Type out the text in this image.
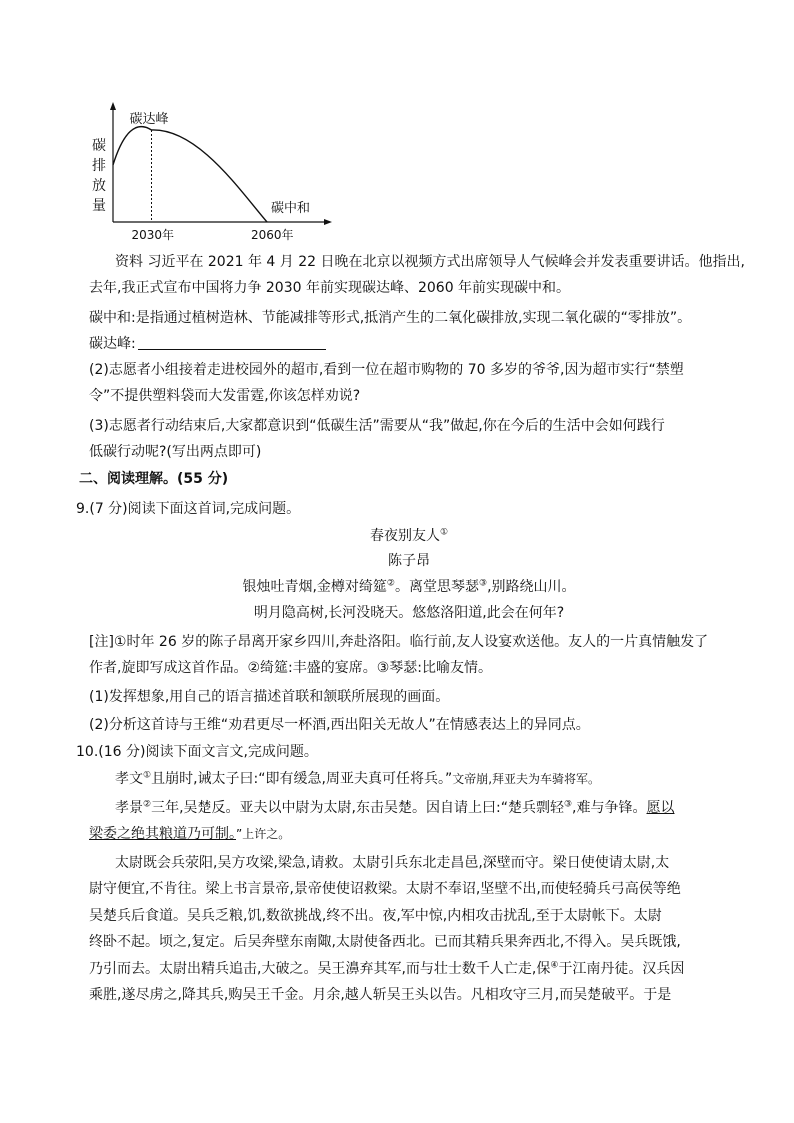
碳达峰
碳中和
碳
排
放
量
2030年	2060年
资料 习近平在 2021 年 4 月 22 日晚在北京以视频方式出席领导人气候峰会并发表重要讲话。他指出,
去年,我正式宣布中国将力争 2030 年前实现碳达峰、2060 年前实现碳中和。
碳中和:是指通过植树造林、节能减排等形式,抵消产生的二氧化碳排放,实现二氧化碳的“零排放”。
碳达峰:
(2)志愿者小组接着走进校园外的超市,看到一位在超市购物的 70 多岁的爷爷,因为超市实行“禁塑
令”不提供塑料袋而大发雷霆,你该怎样劝说?
(3)志愿者行动结束后,大家都意识到“低碳生活”需要从“我”做起,你在今后的生活中会如何践行
低碳行动呢?(写出两点即可)
二、阅读理解。(55 分)
9.(7 分)阅读下面这首词,完成问题。
春夜别友人①
陈子昂
银烛吐青烟,金樽对绮筵②。离堂思琴瑟③,别路绕山川。
明月隐高树,长河没晓天。悠悠洛阳道,此会在何年?
[注]①时年 26 岁的陈子昂离开家乡四川,奔赴洛阳。临行前,友人设宴欢送他。友人的一片真情触发了
作者,旋即写成这首作品。②绮筵:丰盛的宴席。③琴瑟:比喻友情。
(1)发挥想象,用自己的语言描述首联和颔联所展现的画面。
(2)分析这首诗与王维“劝君更尽一杯酒,西出阳关无故人”在情感表达上的异同点。
10.(16 分)阅读下面文言文,完成问题。
孝文①且崩时,诫太子曰:“即有缓急,周亚夫真可任将兵。”文帝崩,拜亚夫为车骑将军。
孝景②三年,吴楚反。亚夫以中尉为太尉,东击吴楚。因自请上曰:“楚兵剽轻③,难与争锋。愿以
梁委之绝其粮道乃可制。”上许之。
太尉既会兵荥阳,吴方攻梁,梁急,请救。太尉引兵东北走昌邑,深壁而守。梁日使使请太尉,太
尉守便宜,不肯往。梁上书言景帝,景帝使使诏救梁。太尉不奉诏,坚壁不出,而使轻骑兵弓高侯等绝
吴楚兵后食道。吴兵乏粮,饥,数欲挑战,终不出。夜,军中惊,内相攻击扰乱,至于太尉帐下。太尉
终卧不起。顷之,复定。后吴奔壁东南陬,太尉使备西北。已而其精兵果奔西北,不得入。吴兵既饿,
乃引而去。太尉出精兵追击,大破之。吴王濞弃其军,而与壮士数千人亡走,保④于江南丹徒。汉兵因
乘胜,遂尽虏之,降其兵,购吴王千金。月余,越人斩吴王头以告。凡相攻守三月,而吴楚破平。于是
